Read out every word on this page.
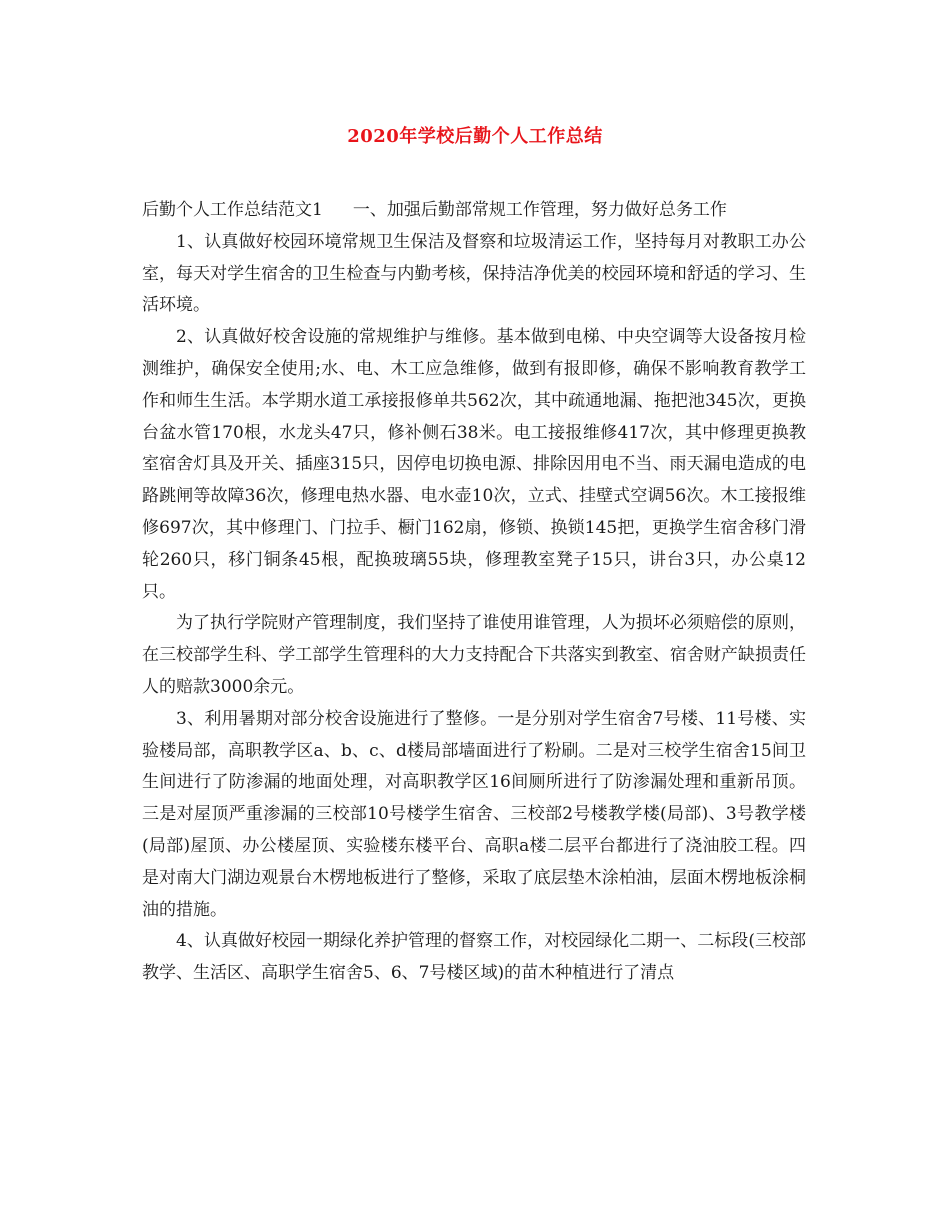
2020年学校后勤个人工作总结

后勤个人工作总结范文1 一、加强后勤部常规工作管理，努力做好总务工作

1、认真做好校园环境常规卫生保洁及督察和垃圾清运工作，坚持每月对教职工办公室，每天对学生宿舍的卫生检查与内勤考核，保持洁净优美的校园环境和舒适的学习、生活环境。

2、认真做好校舍设施的常规维护与维修。基本做到电梯、中央空调等大设备按月检测维护，确保安全使用;水、电、木工应急维修，做到有报即修，确保不影响教育教学工作和师生生活。本学期水道工承接报修单共562次，其中疏通地漏、拖把池345次，更换台盆水管170根，水龙头47只，修补侧石38米。电工接报维修417次，其中修理更换教室宿舍灯具及开关、插座315只，因停电切换电源、排除因用电不当、雨天漏电造成的电路跳闸等故障36次，修理电热水器、电水壶10次，立式、挂壁式空调56次。木工接报维修697次，其中修理门、门拉手、橱门162扇，修锁、换锁145把，更换学生宿舍移门滑轮260只，移门铜条45根，配换玻璃55块，修理教室凳子15只，讲台3只，办公桌12只。

为了执行学院财产管理制度，我们坚持了谁使用谁管理，人为损坏必须赔偿的原则，在三校部学生科、学工部学生管理科的大力支持配合下共落实到教室、宿舍财产缺损责任人的赔款3000余元。

3、利用暑期对部分校舍设施进行了整修。一是分别对学生宿舍7号楼、11号楼、实验楼局部，高职教学区a、b、c、d楼局部墙面进行了粉刷。二是对三校学生宿舍15间卫生间进行了防渗漏的地面处理，对高职教学区16间厕所进行了防渗漏处理和重新吊顶。三是对屋顶严重渗漏的三校部10号楼学生宿舍、三校部2号楼教学楼(局部)、3号教学楼(局部)屋顶、办公楼屋顶、实验楼东楼平台、高职a楼二层平台都进行了浇油胶工程。四是对南大门湖边观景台木楞地板进行了整修，采取了底层垫木涂柏油，层面木楞地板涂桐油的措施。

4、认真做好校园一期绿化养护管理的督察工作，对校园绿化二期一、二标段(三校部教学、生活区、高职学生宿舍5、6、7号楼区域)的苗木种植进行了清点
